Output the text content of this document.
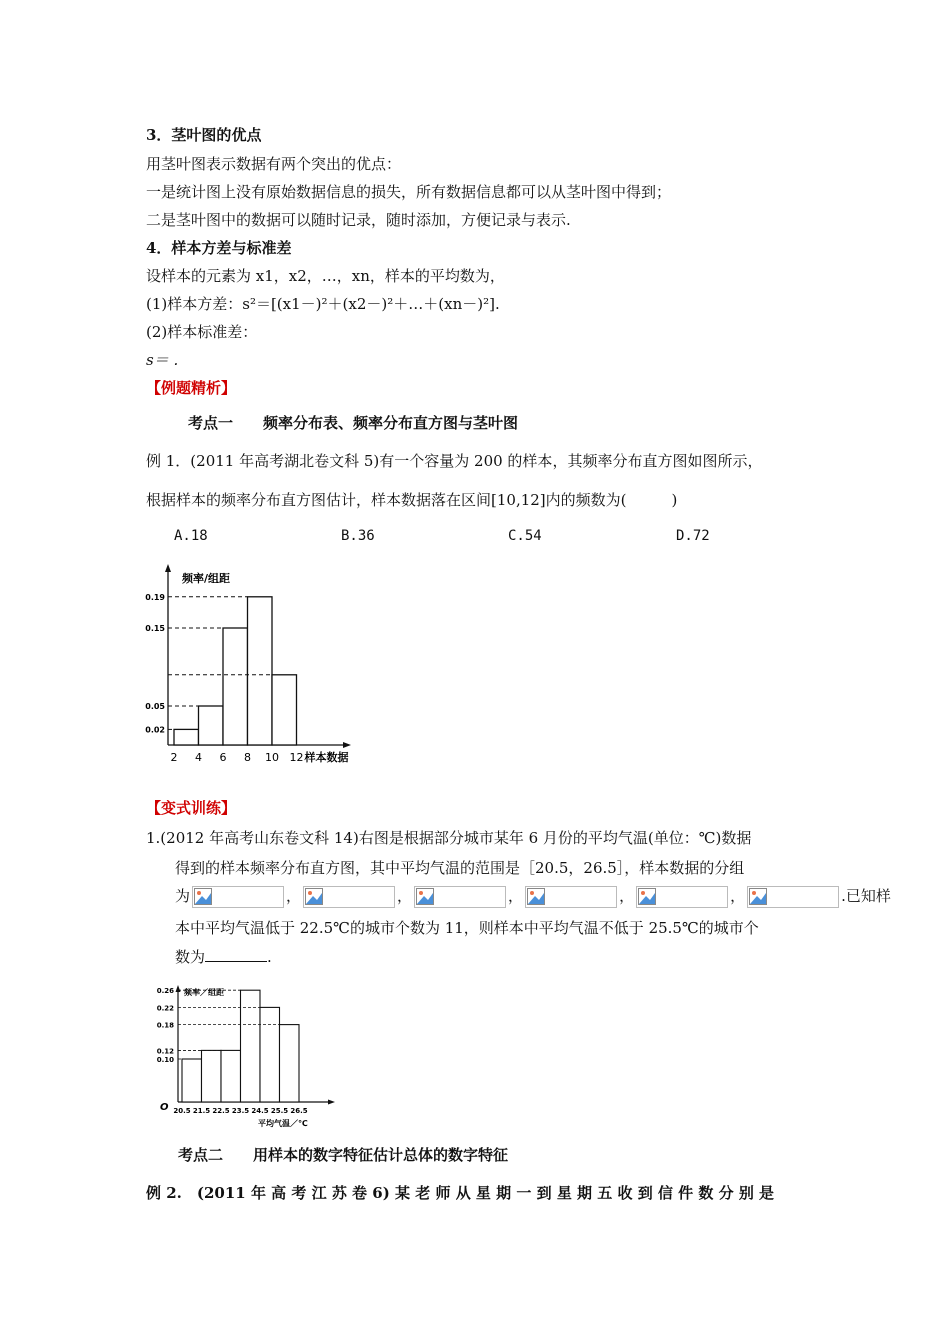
3．茎叶图的优点
用茎叶图表示数据有两个突出的优点：
一是统计图上没有原始数据信息的损失，所有数据信息都可以从茎叶图中得到；
二是茎叶图中的数据可以随时记录，随时添加，方便记录与表示.
4．样本方差与标准差
设样本的元素为 x1，x2，…，xn，样本的平均数为，
(1)样本方差：s²＝[(x1－)²＋(x2－)²＋…＋(xn－)²].
(2)样本标准差：
s＝ .
【例题精析】
考点一　　频率分布表、频率分布直方图与茎叶图
例 1．(2011 年高考湖北卷文科 5)有一个容量为 200 的样本，其频率分布直方图如图所示，
根据样本的频率分布直方图估计，样本数据落在区间[10,12]内的频数为(　　　)
A.18	B.36	C.54	D.72
频率/组距
0.19
0.15
0.05
0.02
2 4 6 8 10 12 样本数据
【变式训练】
1.(2012 年高考山东卷文科 14)右图是根据部分城市某年 6 月份的平均气温(单位：℃)数据
得到的样本频率分布直方图，其中平均气温的范围是［20.5，26.5］，样本数据的分组
为	，	，	，	，	，	.已知样
本中平均气温低于 22.5℃的城市个数为 11，则样本中平均气温不低于 25.5℃的城市个
数为	.
频率／组距
O
0.26
0.22
0.18
0.12
0.10
20.5 21.5 22.5 23.5 24.5 25.5 26.5
平均气温／℃
考点二　　用样本的数字特征估计总体的数字特征
例 2.　(2011 年 高 考 江 苏 卷 6) 某 老 师 从 星 期 一 到 星 期 五 收 到 信 件 数 分 别 是
